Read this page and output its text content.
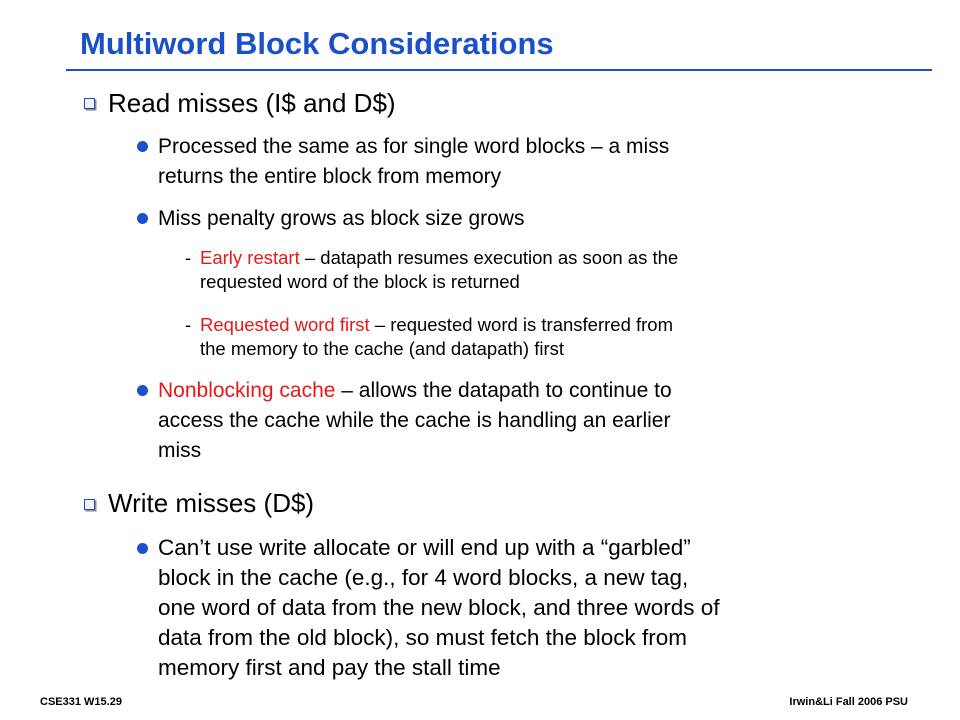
Multiword Block Considerations
Read misses (I$ and D$)
Processed the same as for single word blocks – a miss
returns the entire block from memory
Miss penalty grows as block size grows
- Early restart – datapath resumes execution as soon as the
requested word of the block is returned
- Requested word first – requested word is transferred from
the memory to the cache (and datapath) first
Nonblocking cache – allows the datapath to continue to
access the cache while the cache is handling an earlier
miss
Write misses (D$)
Can’t use write allocate or will end up with a “garbled”
block in the cache (e.g., for 4 word blocks, a new tag,
one word of data from the new block, and three words of
data from the old block), so must fetch the block from
memory first and pay the stall time
CSE331 W15.29	Irwin&Li Fall 2006 PSU
